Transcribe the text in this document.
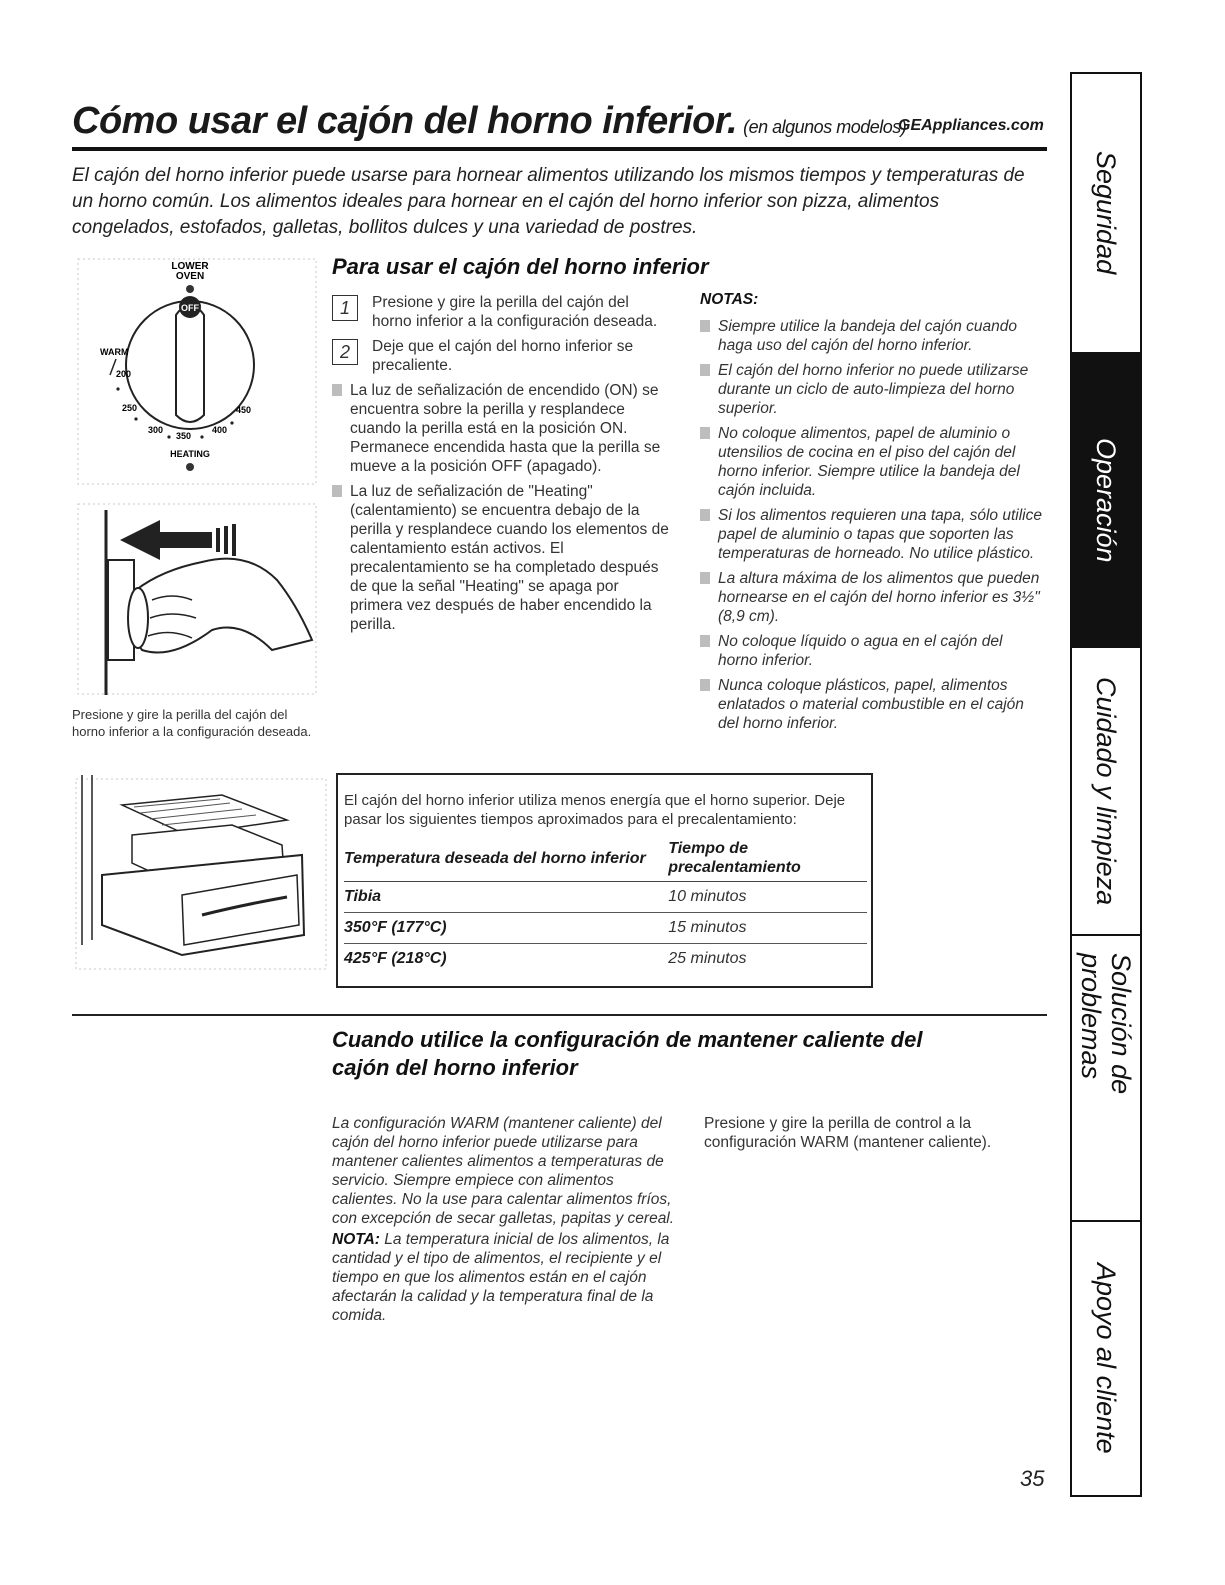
Cómo usar el cajón del horno inferior. (en algunos modelos)
GEAppliances.com
El cajón del horno inferior puede usarse para hornear alimentos utilizando los mismos tiempos y temperaturas de un horno común. Los alimentos ideales para hornear en el cajón del horno inferior son pizza, alimentos congelados, estofados, galletas, bollitos dulces y una variedad de postres.
LOWER
OVEN
OFF
WARM
200
250
300
350
400
450
HEATING
Presione y gire la perilla del cajón del horno inferior a la configuración deseada.
Para usar el cajón del horno inferior
1	Presione y gire la perilla del cajón del horno inferior a la configuración deseada.
2	Deje que el cajón del horno inferior se precaliente.
La luz de señalización de encendido (ON) se encuentra sobre la perilla y resplandece cuando la perilla está en la posición ON. Permanece encendida hasta que la perilla se mueve a la posición OFF (apagado).
La luz de señalización de "Heating" (calentamiento) se encuentra debajo de la perilla y resplandece cuando los elementos de calentamiento están activos. El precalentamiento se ha completado después de que la señal "Heating" se apaga por primera vez después de haber encendido la perilla.
NOTAS:
Siempre utilice la bandeja del cajón cuando haga uso del cajón del horno inferior.
El cajón del horno inferior no puede utilizarse durante un ciclo de auto-limpieza del horno superior.
No coloque alimentos, papel de aluminio o utensilios de cocina en el piso del cajón del horno inferior. Siempre utilice la bandeja del cajón incluida.
Si los alimentos requieren una tapa, sólo utilice papel de aluminio o tapas que soporten las temperaturas de horneado. No utilice plástico.
La altura máxima de los alimentos que pueden hornearse en el cajón del horno inferior es 3½" (8,9 cm).
No coloque líquido o agua en el cajón del horno inferior.
Nunca coloque plásticos, papel, alimentos enlatados o material combustible en el cajón del horno inferior.
El cajón del horno inferior utiliza menos energía que el horno superior. Deje pasar los siguientes tiempos aproximados para el precalentamiento:
Temperatura deseada del horno inferior	Tiempo de precalentamiento
Tibia	10 minutos
350°F (177°C)	15 minutos
425°F (218°C)	25 minutos
Cuando utilice la configuración de mantener caliente del cajón del horno inferior
La configuración WARM (mantener caliente) del cajón del horno inferior puede utilizarse para mantener calientes alimentos a temperaturas de servicio. Siempre empiece con alimentos calientes. No la use para calentar alimentos fríos, con excepción de secar galletas, papitas y cereal.
NOTA: La temperatura inicial de los alimentos, la cantidad y el tipo de alimentos, el recipiente y el tiempo en que los alimentos están en el cajón afectarán la calidad y la temperatura final de la comida.
Presione y gire la perilla de control a la configuración WARM (mantener caliente).
35
Seguridad
Operación
Cuidado y limpieza
Solución de problemas
Apoyo al cliente
